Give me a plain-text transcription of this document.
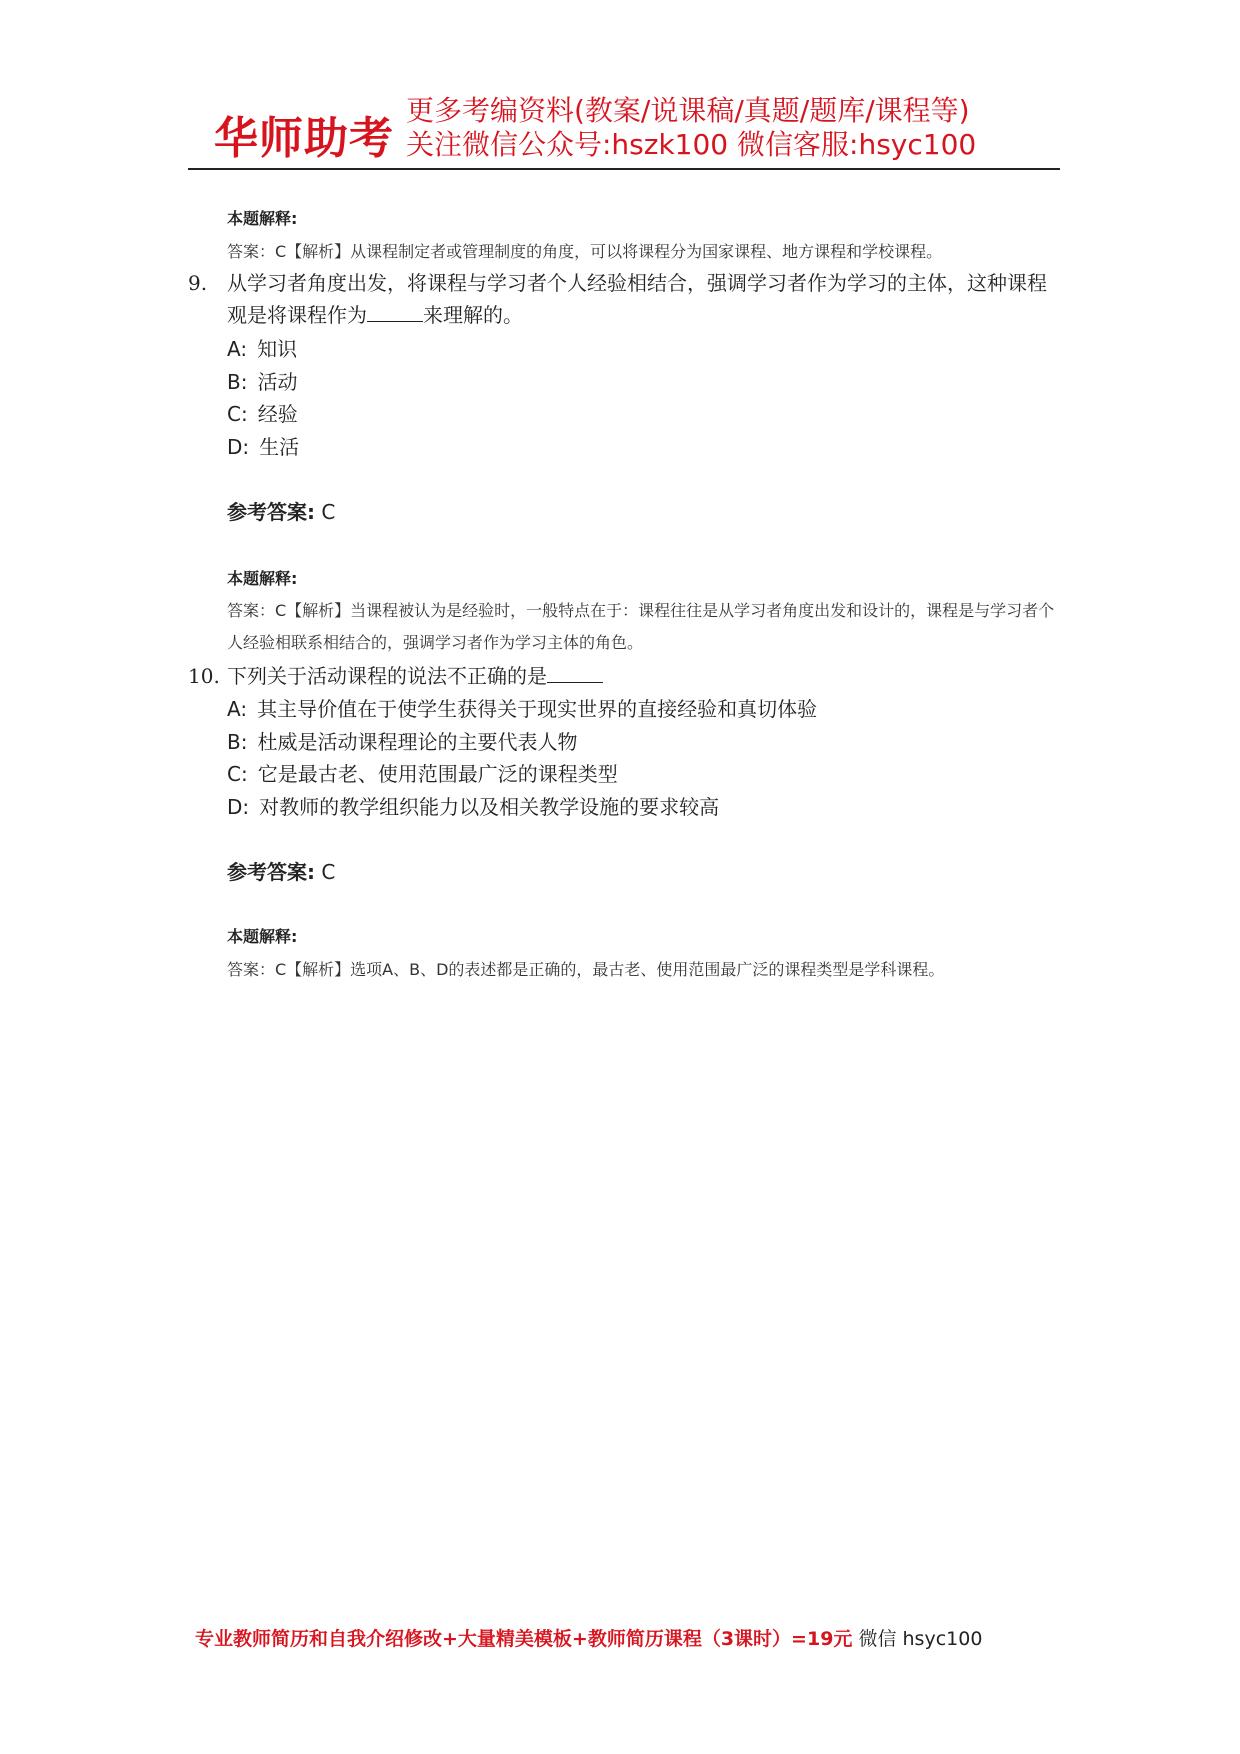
华师助考
更多考编资料(教案/说课稿/真题/题库/课程等)
关注微信公众号:hszk100 微信客服:hsyc100
本题解释:
答案：C【解析】从课程制定者或管理制度的角度，可以将课程分为国家课程、地方课程和学校课程。
9. 从学习者角度出发，将课程与学习者个人经验相结合，强调学习者作为学习的主体，这种课程观是将课程作为	来理解的。
A: 知识
B: 活动
C: 经验
D: 生活
参考答案: C
本题解释:
答案：C【解析】当课程被认为是经验时，一般特点在于：课程往往是从学习者角度出发和设计的，课程是与学习者个人经验相联系相结合的，强调学习者作为学习主体的角色。
10. 下列关于活动课程的说法不正确的是
A: 其主导价值在于使学生获得关于现实世界的直接经验和真切体验
B: 杜威是活动课程理论的主要代表人物
C: 它是最古老、使用范围最广泛的课程类型
D: 对教师的教学组织能力以及相关教学设施的要求较高
参考答案: C
本题解释:
答案：C【解析】选项A、B、D的表述都是正确的，最古老、使用范围最广泛的课程类型是学科课程。
专业教师简历和自我介绍修改+大量精美模板+教师简历课程（3课时）=19元 微信 hsyc100
